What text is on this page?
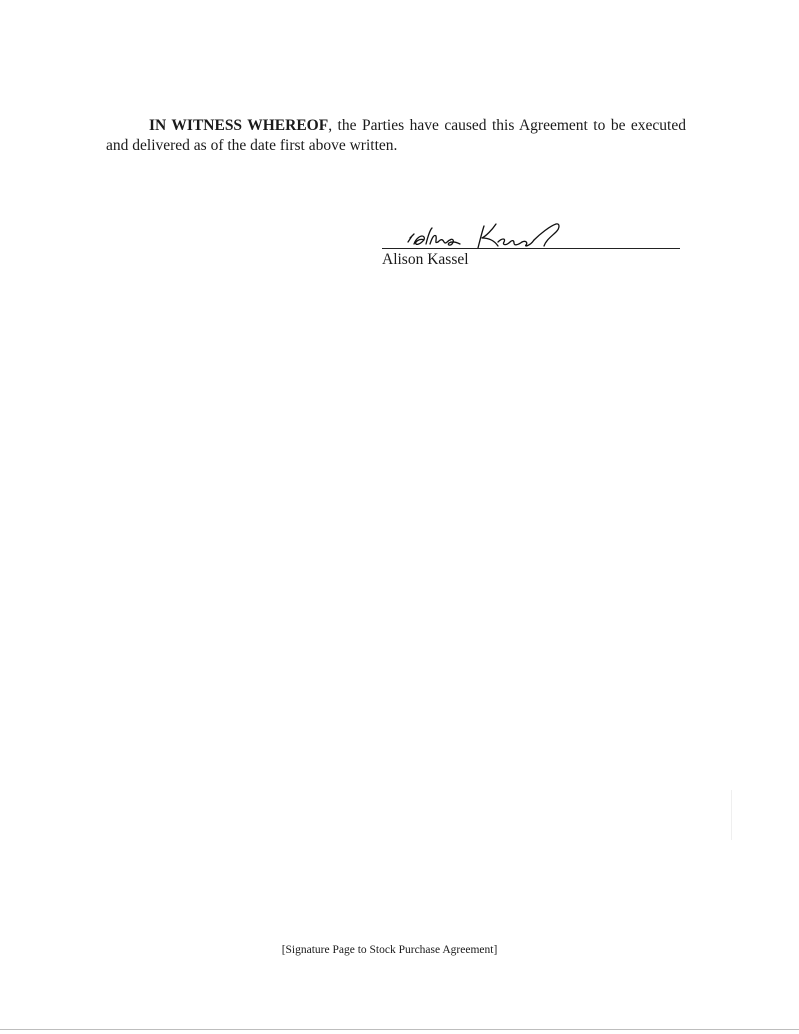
IN WITNESS WHEREOF, the Parties have caused this Agreement to be executed and delivered as of the date first above written.

Alison Kassel
[Signature Page to Stock Purchase Agreement]
